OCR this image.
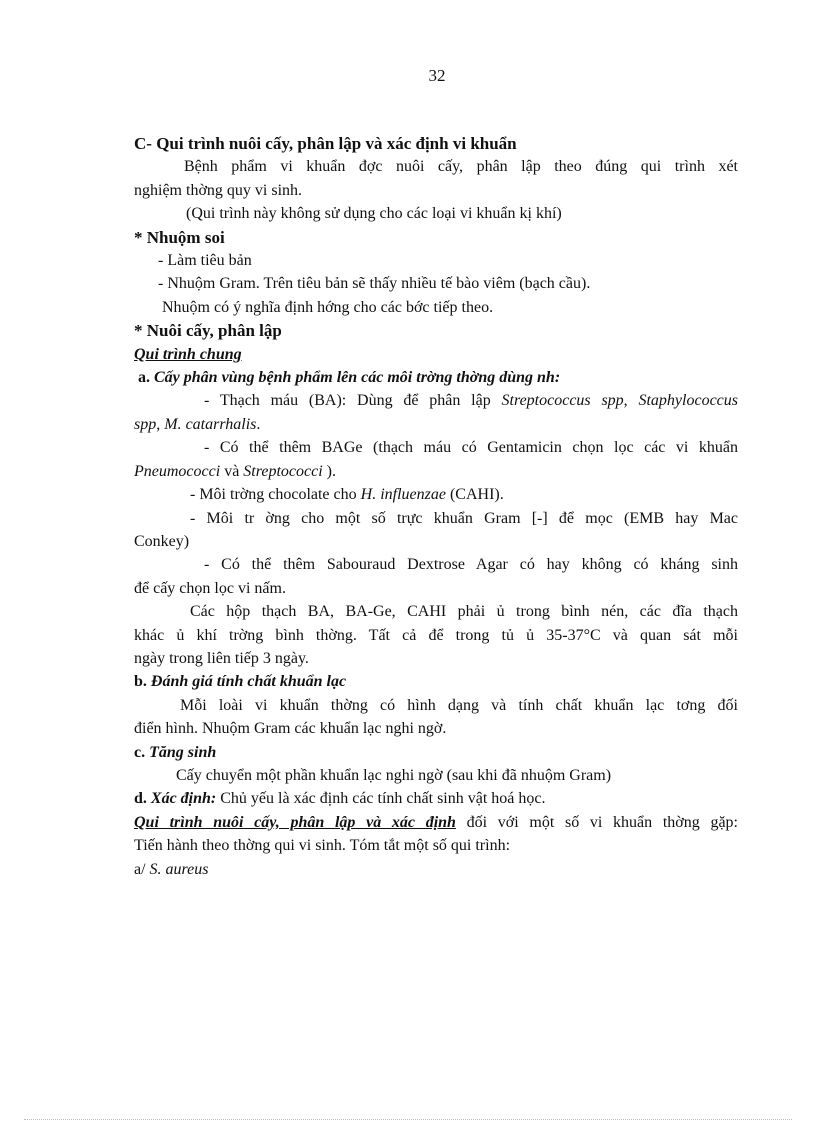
32

C- Qui trình nuôi cấy, phân lập và xác định vi khuẩn

Bệnh phẩm vi khuẩn đợc nuôi cấy, phân lập theo đúng qui trình xét

nghiệm thờng quy vi sinh.

(Qui trình này không sử dụng cho các loại vi khuẩn kị khí)

* Nhuộm soi

- Làm tiêu bản

- Nhuộm Gram. Trên tiêu bản sẽ thấy nhiều tế bào viêm (bạch cầu).

Nhuộm có ý nghĩa định hớng cho các bớc tiếp theo.

* Nuôi cấy, phân lập

Qui trình chung

a. Cấy phân vùng bệnh phẩm lên các môi trờng thờng dùng nh:

- Thạch máu (BA): Dùng để phân lập Streptococcus spp, Staphylococcus

spp, M. catarrhalis.

- Có thể thêm BAGe (thạch máu có Gentamicin chọn lọc các vi khuẩn

Pneumococci và Streptococci ).

- Môi trờng chocolate cho H. influenzae (CAHI).

- Môi tr ờng cho một số trực khuẩn Gram [-] để mọc (EMB hay Mac

Conkey)

- Có thể thêm Sabouraud Dextrose Agar có hay không có kháng sinh

để cấy chọn lọc vi nấm.

Các hộp thạch BA, BA-Ge, CAHI phải ủ trong bình nén, các đĩa thạch

khác ủ khí trờng bình thờng. Tất cả để trong tủ ủ 35-37°C và quan sát mỗi

ngày trong liên tiếp 3 ngày.

b. Đánh giá tính chất khuẩn lạc

Mỗi loài vi khuẩn thờng có hình dạng và tính chất khuẩn lạc tơng đối

điển hình. Nhuộm Gram các khuẩn lạc nghi ngờ.

c. Tăng sinh

Cấy chuyển một phần khuẩn lạc nghi ngờ (sau khi đã nhuộm Gram)

d. Xác định: Chủ yếu là xác định các tính chất sinh vật hoá học.

Qui trình nuôi cấy, phân lập và xác định đối với một số vi khuẩn thờng gặp:

Tiến hành theo thờng qui vi sinh. Tóm tắt một số qui trình:

a/ S. aureus
